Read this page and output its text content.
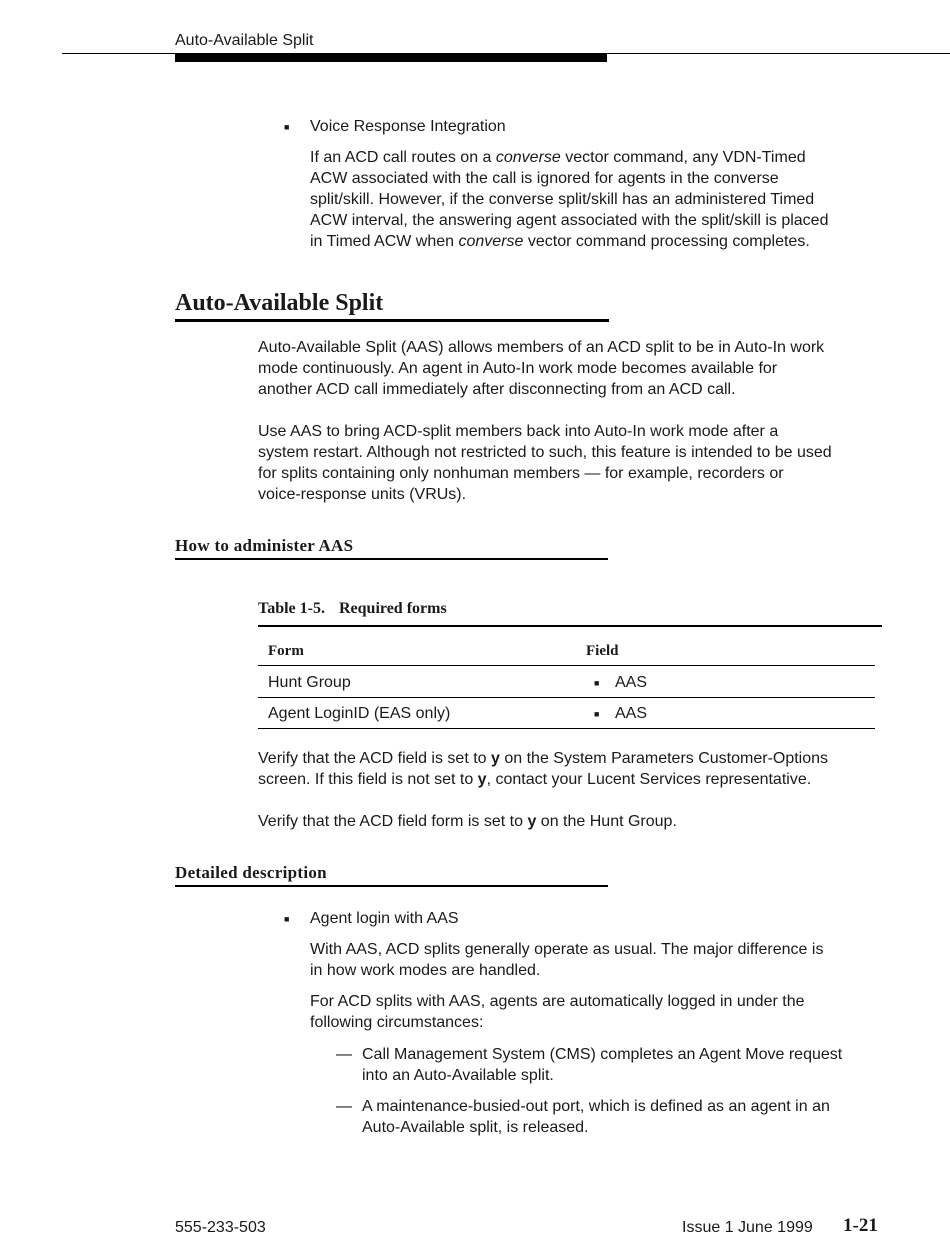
Auto-Available Split
■ Voice Response Integration
If an ACD call routes on a converse vector command, any VDN-Timed
ACW associated with the call is ignored for agents in the converse
split/skill. However, if the converse split/skill has an administered Timed
ACW interval, the answering agent associated with the split/skill is placed
in Timed ACW when converse vector command processing completes.
Auto-Available Split
Auto-Available Split (AAS) allows members of an ACD split to be in Auto-In work
mode continuously. An agent in Auto-In work mode becomes available for
another ACD call immediately after disconnecting from an ACD call.
Use AAS to bring ACD-split members back into Auto-In work mode after a
system restart. Although not restricted to such, this feature is intended to be used
for splits containing only nonhuman members — for example, recorders or
voice-response units (VRUs).
How to administer AAS
Table 1-5. Required forms
Form	Field
Hunt Group	■ AAS
Agent LoginID (EAS only)	■ AAS
Verify that the ACD field is set to y on the System Parameters Customer-Options
screen. If this field is not set to y, contact your Lucent Services representative.
Verify that the ACD field form is set to y on the Hunt Group.
Detailed description
■ Agent login with AAS
With AAS, ACD splits generally operate as usual. The major difference is
in how work modes are handled.
For ACD splits with AAS, agents are automatically logged in under the
following circumstances:
— Call Management System (CMS) completes an Agent Move request
into an Auto-Available split.
— A maintenance-busied-out port, which is defined as an agent in an
Auto-Available split, is released.
555-233-503	Issue 1 June 1999 1-21
